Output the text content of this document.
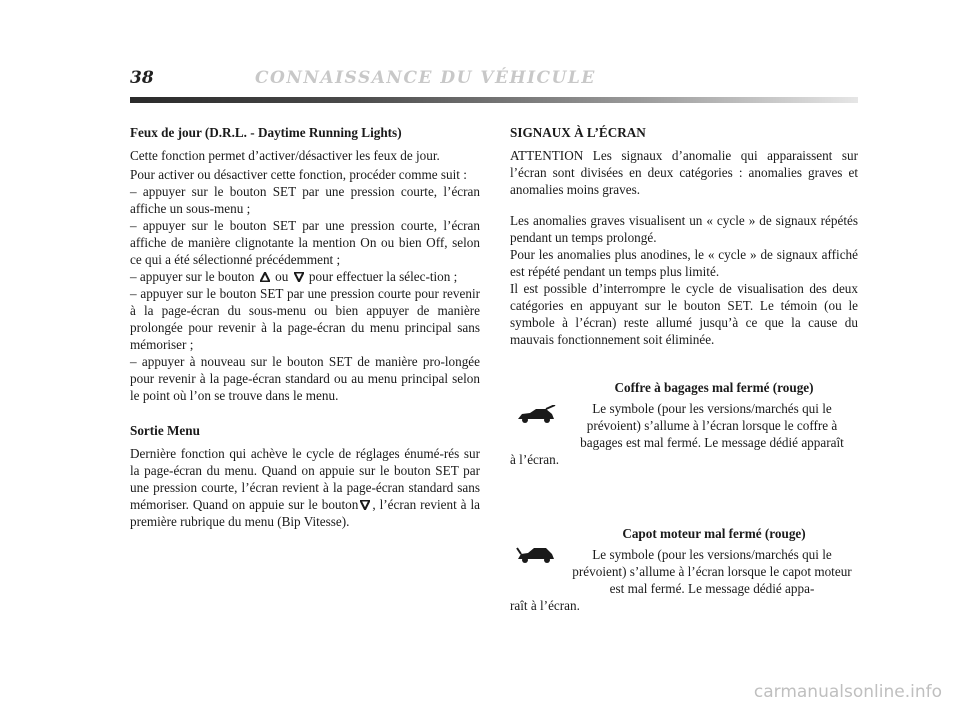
38	CONNAISSANCE DU VÉHICULE

Feux de jour (D.R.L. - Daytime Running Lights)

Cette fonction permet d’activer/désactiver les feux de jour.

Pour activer ou désactiver cette fonction, procéder comme suit :

– appuyer sur le bouton SET par une pression courte, l’écran affiche un sous-menu ;

– appuyer sur le bouton SET par une pression courte, l’écran affiche de manière clignotante la mention On ou bien Off, selon ce qui a été sélectionné précédemment ;

– appuyer sur le bouton ou pour effectuer la sélec-tion ;

– appuyer sur le bouton SET par une pression courte pour revenir à la page-écran du sous-menu ou bien appuyer de manière prolongée pour revenir à la page-écran du menu principal sans mémoriser ;

– appuyer à nouveau sur le bouton SET de manière pro-longée pour revenir à la page-écran standard ou au menu principal selon le point où l’on se trouve dans le menu.

Sortie Menu

Dernière fonction qui achève le cycle de réglages énumé-rés sur la page-écran du menu. Quand on appuie sur le bouton SET par une pression courte, l’écran revient à la page-écran standard sans mémoriser. Quand on appuie sur le bouton , l’écran revient à la première rubrique du menu (Bip Vitesse).

SIGNAUX À L’ÉCRAN

ATTENTION Les signaux d’anomalie qui apparaissent sur l’écran sont divisées en deux catégories : anomalies graves et anomalies moins graves.

Les anomalies graves visualisent un « cycle » de signaux répétés pendant un temps prolongé.

Pour les anomalies plus anodines, le « cycle » de signaux affiché est répété pendant un temps plus limité.

Il est possible d’interrompre le cycle de visualisation des deux catégories en appuyant sur le bouton SET. Le témoin (ou le symbole à l’écran) reste allumé jusqu’à ce que la cause du mauvais fonctionnement soit éliminée.

Coffre à bagages mal fermé (rouge)

Le symbole (pour les versions/marchés qui le prévoient) s’allume à l’écran lorsque le coffre à bagages est mal fermé. Le message dédié apparaît

à l’écran.

Capot moteur mal fermé (rouge)

Le symbole (pour les versions/marchés qui le prévoient) s’allume à l’écran lorsque le capot moteur est mal fermé. Le message dédié appa-

raît à l’écran.

carmanualsonline.info
